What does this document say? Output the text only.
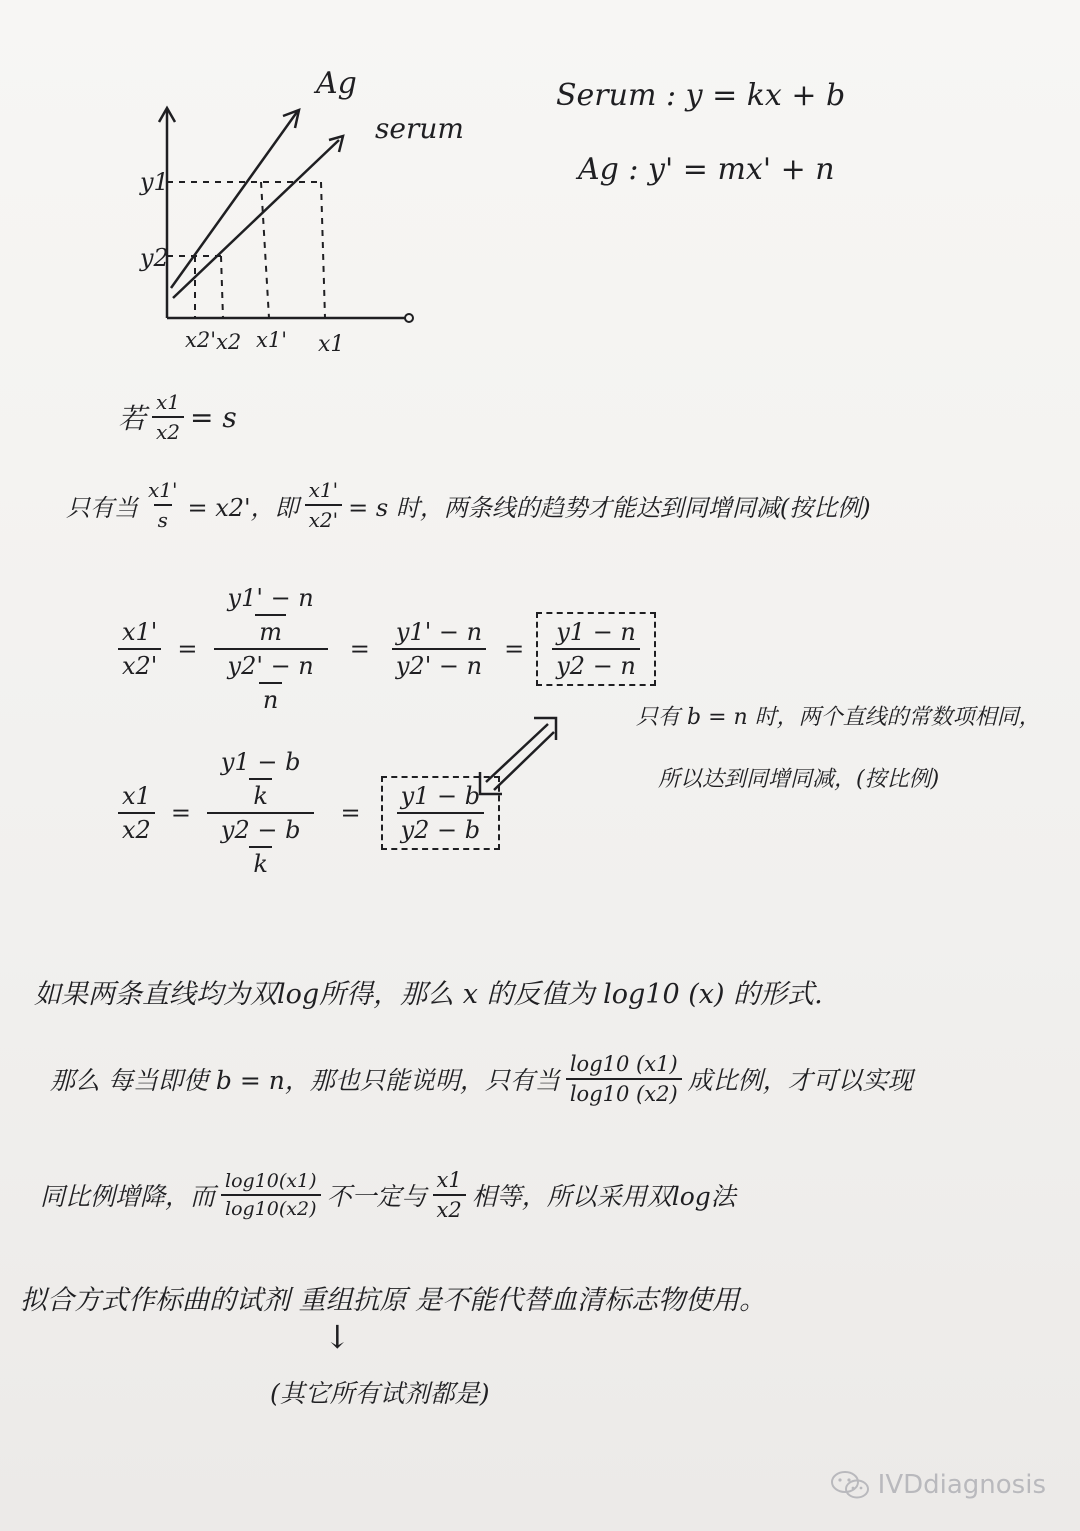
Ag
serum
y1
y2
x2' x2 x1' x1
Serum : y = kx + b
Ag : y' = mx' + n
若 $\frac{x1}{x2} = s$
只有当 $\frac{x1'}{s} = x2'$，即 $\frac{x1'}{x2'} = s$ 时，两条线的趋势才能达到同增同减(按比例)
$\frac{x1'}{x2'} = \frac{\frac{y1' - n}{m}}{\frac{y2' - n}{n}} = \frac{y1' - n}{y2' - n} = \frac{y1 - n}{y2 - n}$
只有 b = n 时，两个直线的常数项相同，
所以达到同增同减，(按比例)
$\frac{x1}{x2} = \frac{\frac{y1 - b}{k}}{\frac{y2 - b}{k}} = \frac{y1 - b}{y2 - b}$
如果两条直线均为双log所得，那么 x 的反值为 log10 (x) 的形式.
那么 每当即使 b = n，那也只能说明，只有当 $\frac{\log 10 (x1)}{\log 10 (x2)}$ 成比例，才可以实现
同比例增降，而 $\frac{\log 10(x1)}{\log 10(x2)}$ 不一定与 $\frac{x1}{x2}$ 相等，所以采用双log法
拟合方式作标曲的试剂 重组抗原 是不能代替血清标志物使用。
↓
(其它所有试剂都是)
IVDdiagnosis
